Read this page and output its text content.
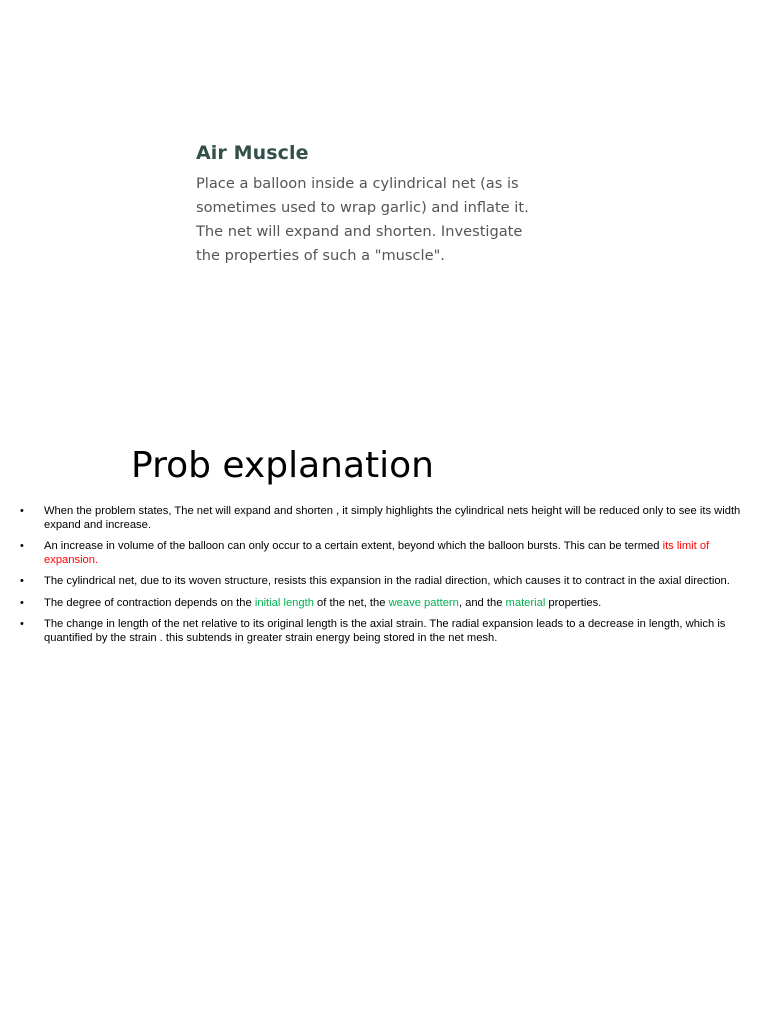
Air Muscle

Place a balloon inside a cylindrical net (as is
sometimes used to wrap garlic) and inflate it.
The net will expand and shorten. Investigate
the properties of such a "muscle".

Prob explanation
• When the problem states, The net will expand and shorten , it simply highlights the cylindrical nets height will be reduced only to see its width expand and increase.
• An increase in volume of the balloon can only occur to a certain extent, beyond which the balloon bursts. This can be termed its limit of expansion.
• The cylindrical net, due to its woven structure, resists this expansion in the radial direction, which causes it to contract in the axial direction.
• The degree of contraction depends on the initial length of the net, the weave pattern, and the material properties.
• The change in length of the net relative to its original length is the axial strain. The radial expansion leads to a decrease in length, which is quantified by the strain . this subtends in greater strain energy being stored in the net mesh.
